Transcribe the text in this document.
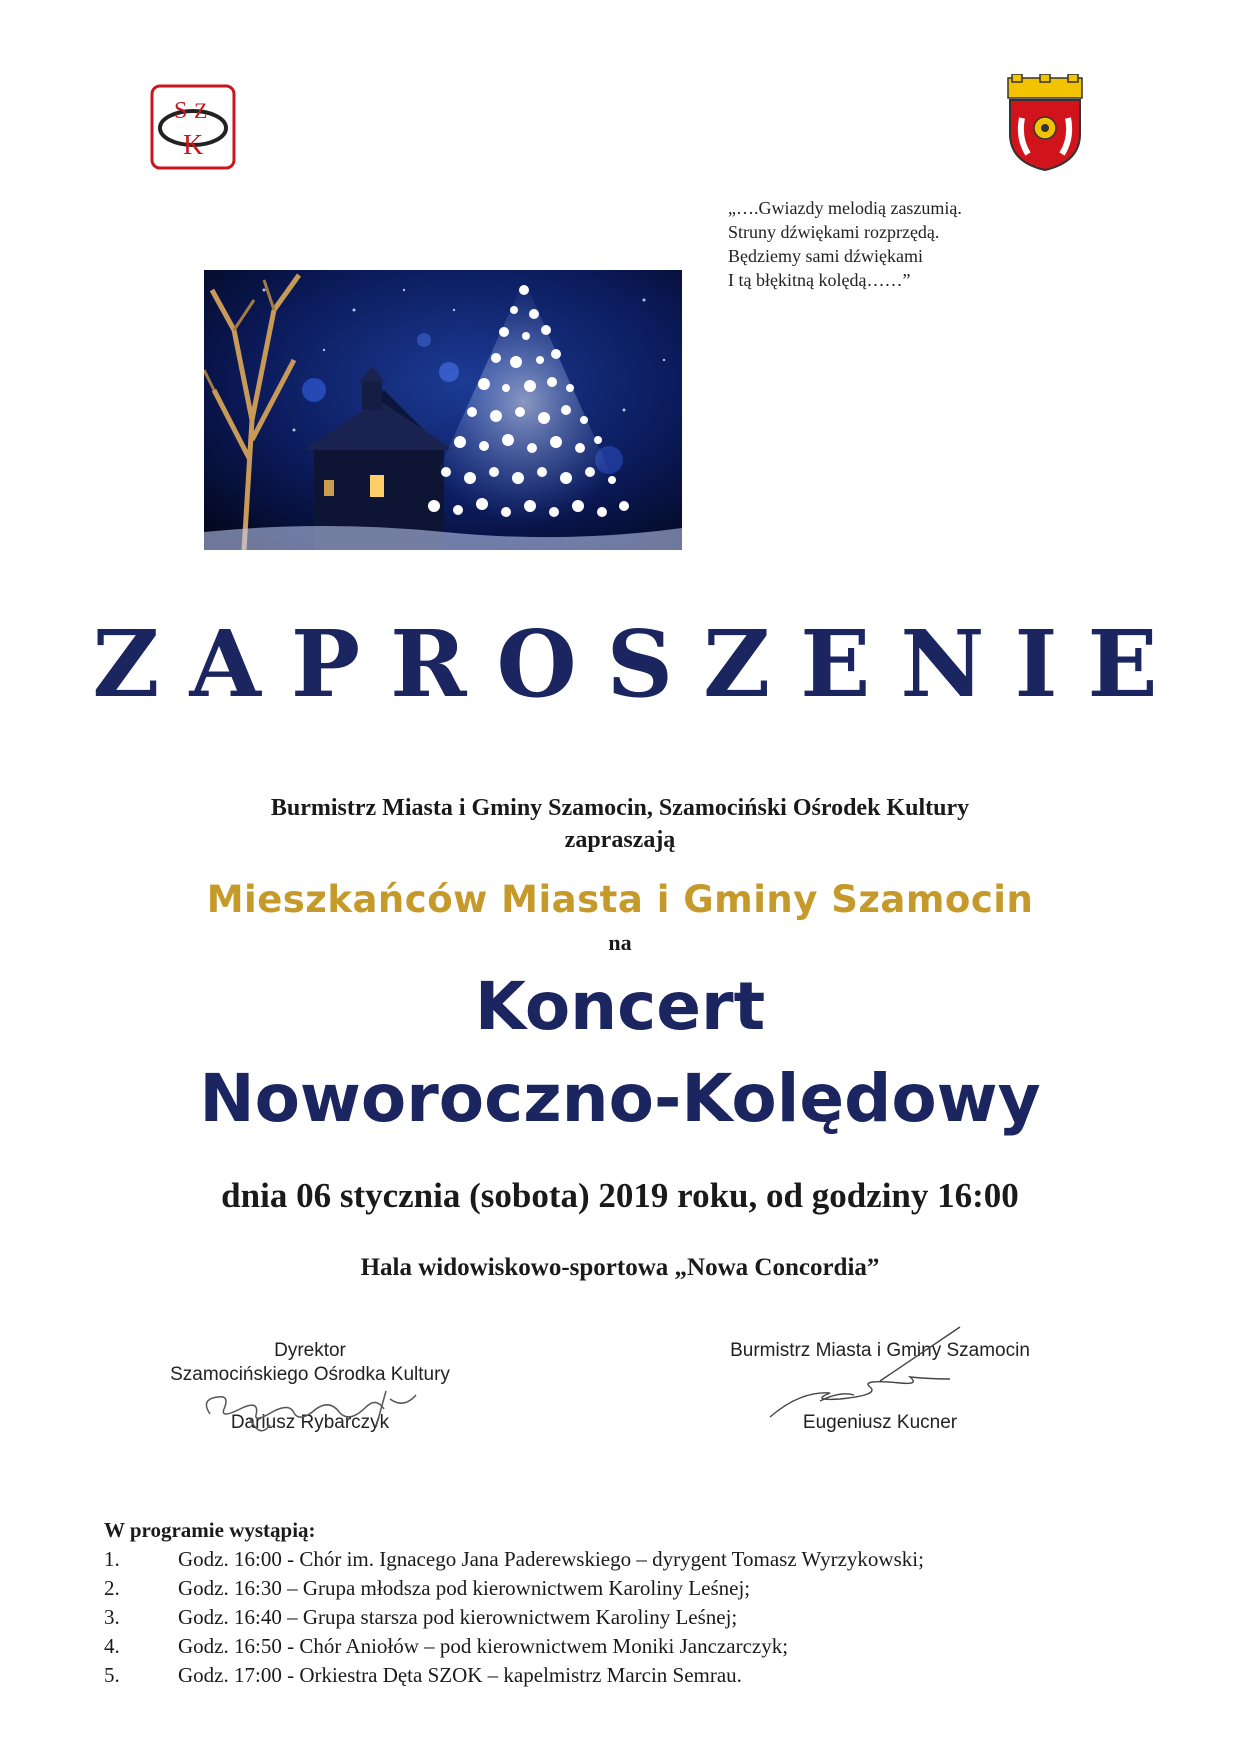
S Z
K
„….Gwiazdy melodią zaszumią.
Struny dźwiękami rozprzędą.
Będziemy sami dźwiękami
I tą błękitną kolędą……”
ZAPROSZENIE
Burmistrz Miasta i Gminy Szamocin, Szamociński Ośrodek Kultury
zapraszają
Mieszkańców Miasta i Gminy Szamocin
na
Koncert
Noworoczno-Kolędowy
dnia 06 stycznia (sobota) 2019 roku, od godziny 16:00
Hala widowiskowo-sportowa „Nowa Concordia”
Dyrektor
Szamocińskiego Ośrodka Kultury
Dariusz Rybarczyk
Burmistrz Miasta i Gminy Szamocin
Eugeniusz Kucner
W programie wystąpią:
1.	Godz. 16:00 - Chór im. Ignacego Jana Paderewskiego – dyrygent Tomasz Wyrzykowski;
2.	Godz. 16:30 – Grupa młodsza pod kierownictwem Karoliny Leśnej;
3.	Godz. 16:40 – Grupa starsza pod kierownictwem Karoliny Leśnej;
4.	Godz. 16:50 - Chór Aniołów – pod kierownictwem Moniki Janczarczyk;
5.	Godz. 17:00 - Orkiestra Dęta SZOK – kapelmistrz Marcin Semrau.
